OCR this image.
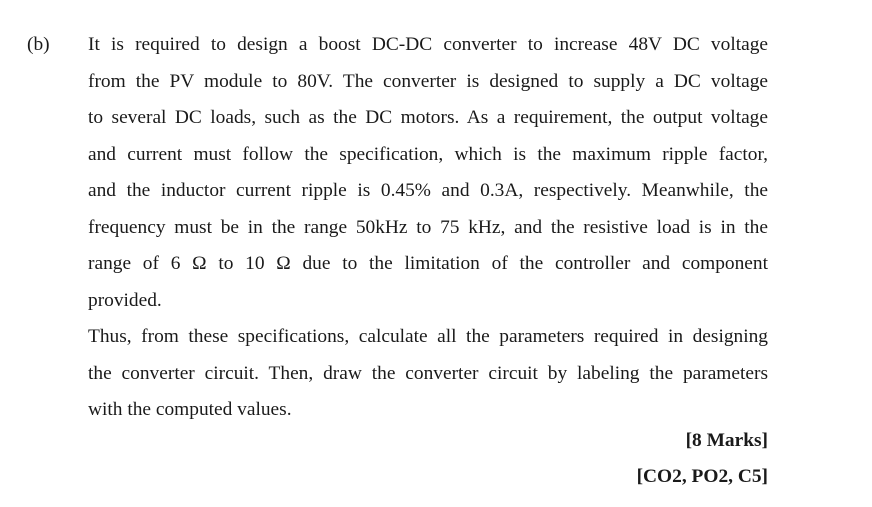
(b) It is required to design a boost DC-DC converter to increase 48V DC voltage
from the PV module to 80V. The converter is designed to supply a DC voltage
to several DC loads, such as the DC motors. As a requirement, the output voltage
and current must follow the specification, which is the maximum ripple factor,
and the inductor current ripple is 0.45% and 0.3A, respectively. Meanwhile, the
frequency must be in the range 50kHz to 75 kHz, and the resistive load is in the
range of 6 Ω to 10 Ω due to the limitation of the controller and component
provided.
Thus, from these specifications, calculate all the parameters required in designing
the converter circuit. Then, draw the converter circuit by labeling the parameters
with the computed values.
[8 Marks]
[CO2, PO2, C5]
